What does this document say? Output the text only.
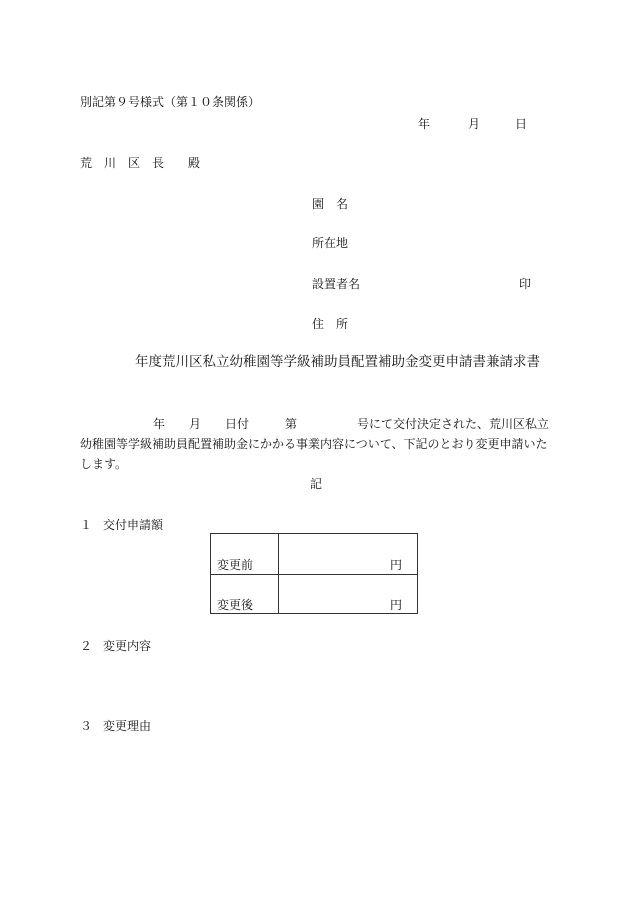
別記第９号様式（第１０条関係）
年	月	日
荒　川　区　長　　殿
園　名
所在地
設置者名	印
住　所
年度荒川区私立幼稚園等学級補助員配置補助金変更申請書兼請求書
年　　月　　日付　　　第　　　　　号にて交付決定された、荒川区私立
幼稚園等学級補助員配置補助金にかかる事業内容について、下記のとおり変更申請いた
します。
記
１ 交付申請額
変更前	円
変更後	円
２ 変更内容
３ 変更理由
